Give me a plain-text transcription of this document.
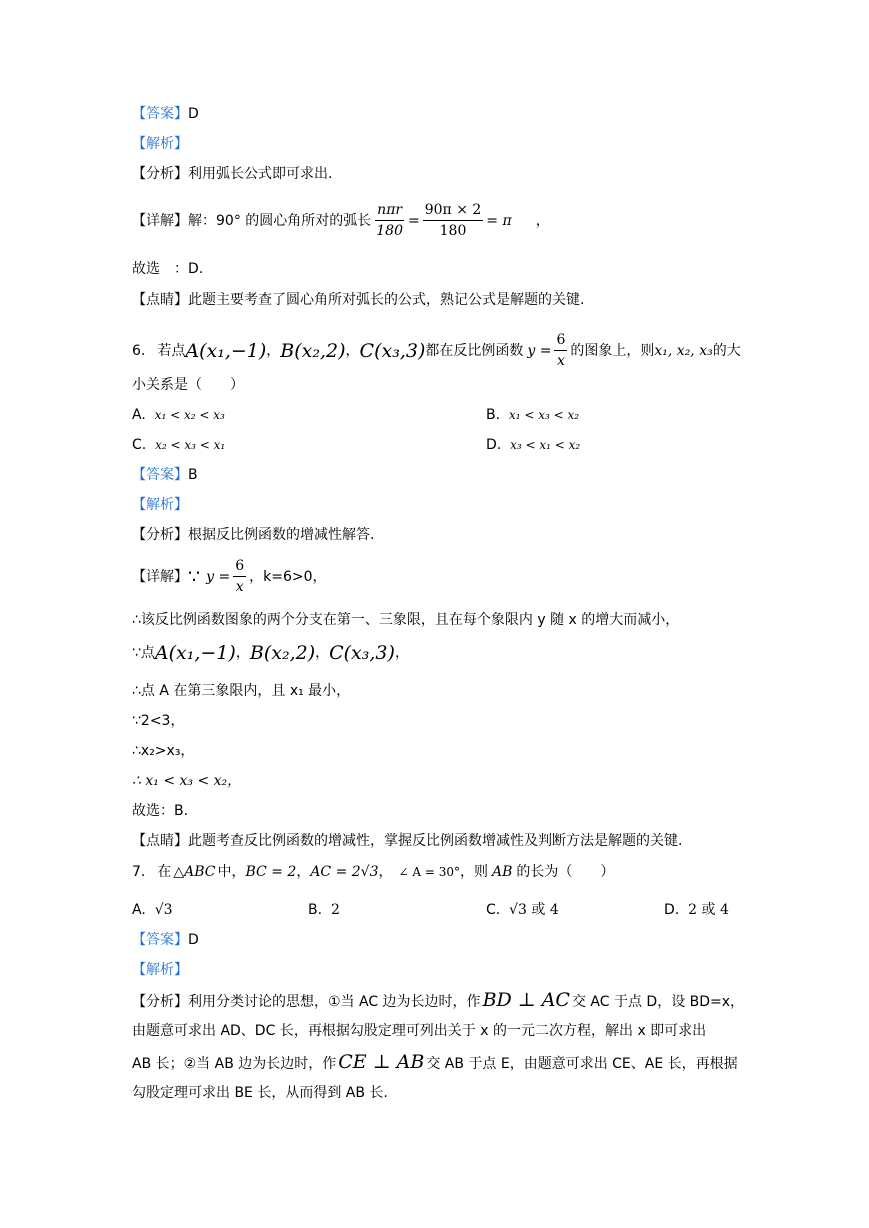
【答案】D
【解析】
【分析】利用弧长公式即可求出.
【详解】 解：90° 的圆心角所对的弧长 $\frac{\text{nπr}}{180} = \frac{90\pi \times 2}{180} = \pi$ ，
故选　：D.
【点睛】此题主要考查了圆心角所对弧长的公式，熟记公式是解题的关键.
6. 若点 A(x₁,−1) ， B(x₂,2) ， C(x₃,3) 都在反比例函数 $y = \frac{6}{x}$ 的图象上，则 x₁, x₂, x₃ 的大
小关系是（　　）
A. x₁ < x₂ < x₃	B. x₁ < x₃ < x₂
C. x₂ < x₃ < x₁	D. x₃ < x₁ < x₂
【答案】B
【解析】
【分析】根据反比例函数的增减性解答.
【详解】 ∵ $y = \frac{6}{x}$ ，k=6>0，
∴该反比例函数图象的两个分支在第一、三象限，且在每个象限内 y 随 x 的增大而减小，
∵点 A(x₁,−1) ， B(x₂,2) ， C(x₃,3) ，
∴点 A 在第三象限内，且 x₁ 最小，
∵2<3，
∴x₂>x₃，
∴ x₁ < x₃ < x₂，
故选：B.
【点睛】此题考查反比例函数的增减性，掌握反比例函数增减性及判断方法是解题的关键.
7. 在 △ABC 中， BC = 2 ， AC = 2√3 ， ∠ A = 30° ，则 AB 的长为（　　）
A. √3	B. 2	C. √3 或 4	D. 2 或 4
【答案】D
【解析】
【分析】利用分类讨论的思想，①当 AC 边为长边时，作 BD ⊥ AC 交 AC 于点 D，设 BD=x，
由题意可求出 AD、DC 长，再根据勾股定理可列出关于 x 的一元二次方程，解出 x 即可求出
AB 长；②当 AB 边为长边时，作 CE ⊥ AB 交 AB 于点 E，由题意可求出 CE、AE 长，再根据
勾股定理可求出 BE 长，从而得到 AB 长.
